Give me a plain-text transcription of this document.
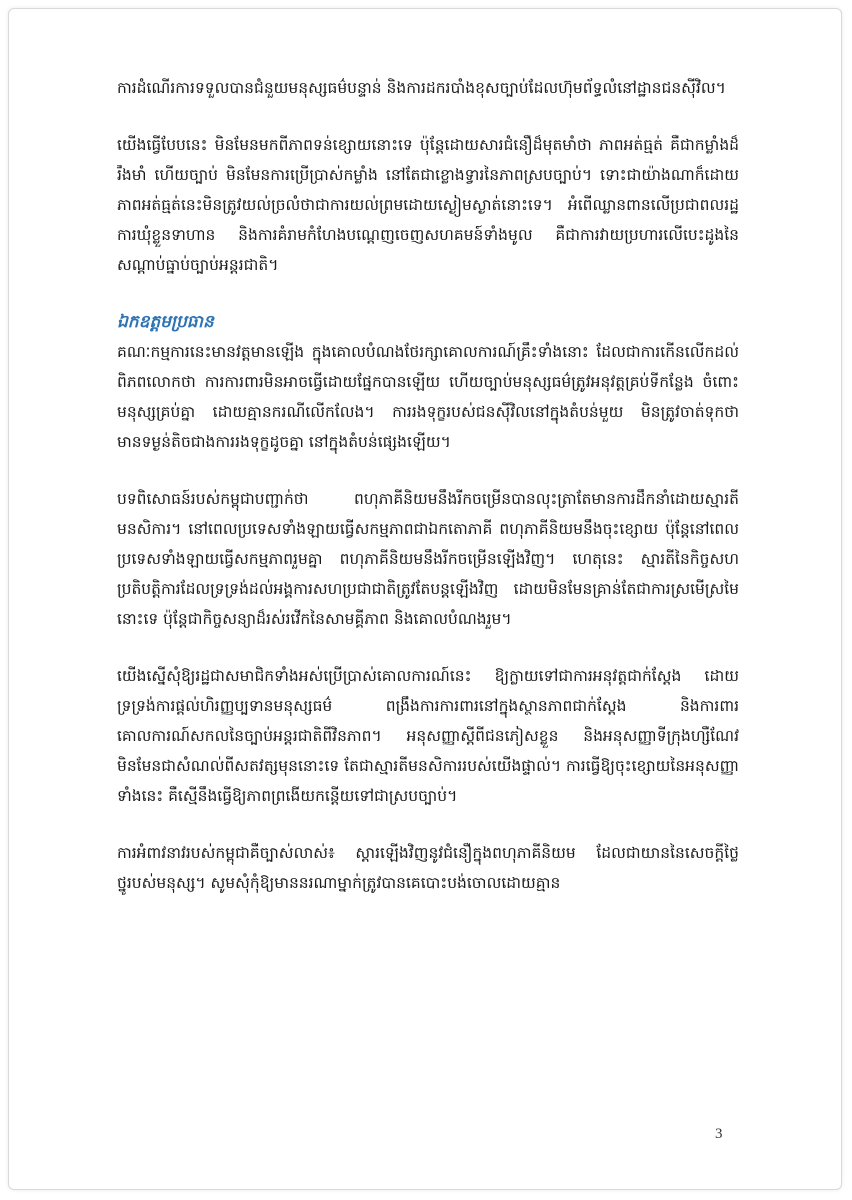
ការដំណើរការទទួលបានជំនួយមនុស្សធម៌បន្ទាន់ និងការដករបាំងខុសច្បាប់ដែលហ៊ុមព័ទ្ធលំនៅដ្ឋានជនស៊ីវិល។

យើងធ្វើបែបនេះ មិនមែនមកពីភាពទន់ខ្សោយនោះទេ ប៉ុន្តែដោយសារជំនឿដ៏មុតមាំថា ភាពអត់ធ្មត់ គឺជាកម្លាំងដ៏រឹងមាំ ហើយច្បាប់ មិនមែនការប្រើប្រាស់កម្លាំង នៅតែជាខ្លោងទ្វារនៃភាពស្របច្បាប់។ ទោះជាយ៉ាងណាក៏ដោយ ភាពអត់ធ្មត់នេះមិនត្រូវយល់ច្រលំថាជាការយល់ព្រមដោយស្ងៀមស្ងាត់នោះទេ។ អំពើឈ្លានពានលើប្រជាពលរដ្ឋ ការឃុំខ្លួនទាហាន និងការគំរាមកំហែងបណ្តេញចេញសហគមន៍ទាំងមូល គឺជាការវាយប្រហារលើបេះដូងនៃសណ្តាប់ធ្នាប់ច្បាប់អន្តរជាតិ។

ឯកឧត្តមប្រធាន

គណៈកម្មការនេះមានវត្តមានឡើង ក្នុងគោលបំណងថែរក្សាគោលការណ៍គ្រឹះទាំងនោះ ដែលជាការកើនលើកដល់ពិភពលោកថា ការការពារមិនអាចធ្វើដោយផ្នែកបានឡើយ ហើយច្បាប់មនុស្សធម៌ត្រូវអនុវត្តគ្រប់ទីកន្លែង ចំពោះមនុស្សគ្រប់គ្នា ដោយគ្មានករណីលើកលែង។ ការរងទុក្ខរបស់ជនស៊ីវិលនៅក្នុងតំបន់មួយ មិនត្រូវចាត់ទុកថាមានទម្ងន់តិចជាងការរងទុក្ខដូចគ្នា នៅក្នុងតំបន់ផ្សេងឡើយ។

បទពិសោធន៍របស់កម្ពុជាបញ្ជាក់ថា ពហុភាគីនិយមនឹងរីកចម្រើនបានលុះត្រាតែមានការដឹកនាំដោយស្មារតីមនសិការ។ នៅពេលប្រទេសទាំងឡាយធ្វើសកម្មភាពជាឯកតោភាគី ពហុភាគីនិយមនឹងចុះខ្សោយ ប៉ុន្តែនៅពេលប្រទេសទាំងឡាយធ្វើសកម្មភាពរួមគ្នា ពហុភាគីនិយមនឹងរីកចម្រើនឡើងវិញ។ ហេតុនេះ ស្មារតីនៃកិច្ចសហប្រតិបត្តិការដែលទ្រទ្រង់ដល់អង្គការសហប្រជាជាតិត្រូវតែបន្តឡើងវិញ ដោយមិនមែនគ្រាន់តែជាការស្រមើស្រមៃនោះទេ ប៉ុន្តែជាកិច្ចសន្យាដ៏រស់រវើកនៃសាមគ្គីភាព និងគោលបំណងរួម។

យើងស្នើសុំឱ្យរដ្ឋជាសមាជិកទាំងអស់ប្រើប្រាស់គោលការណ៍នេះ ឱ្យក្លាយទៅជាការអនុវត្តជាក់ស្តែង ដោយទ្រទ្រង់ការផ្តល់ហិរញ្ញប្បទានមនុស្សធម៌ ពង្រឹងការការពារនៅក្នុងស្ថានភាពជាក់ស្តែង និងការពារគោលការណ៍សកលនៃច្បាប់អន្តរជាតិពីវិនភាព។ អនុសញ្ញាស្តីពីជនភៀសខ្លួន និងអនុសញ្ញាទីក្រុងហ្សឺណែវ មិនមែនជាសំណល់ពីសតវត្សមុននោះទេ តែជាស្មារតីមនសិការរបស់យើងផ្ទាល់។ ការធ្វើឱ្យចុះខ្សោយនៃអនុសញ្ញាទាំងនេះ គឺស្មើនឹងធ្វើឱ្យភាពព្រងើយកន្តើយទៅជាស្របច្បាប់។

ការអំពាវនាវរបស់កម្ពុជាគឺច្បាស់លាស់៖ ស្តារឡើងវិញនូវជំនឿក្នុងពហុភាគីនិយម ដែលជាយាននៃសេចក្តីថ្លៃថ្នូរបស់មនុស្ស។ សូមសុំកុំឱ្យមាននរណាម្នាក់ត្រូវបានគេបោះបង់ចោលដោយគ្មាន

3
